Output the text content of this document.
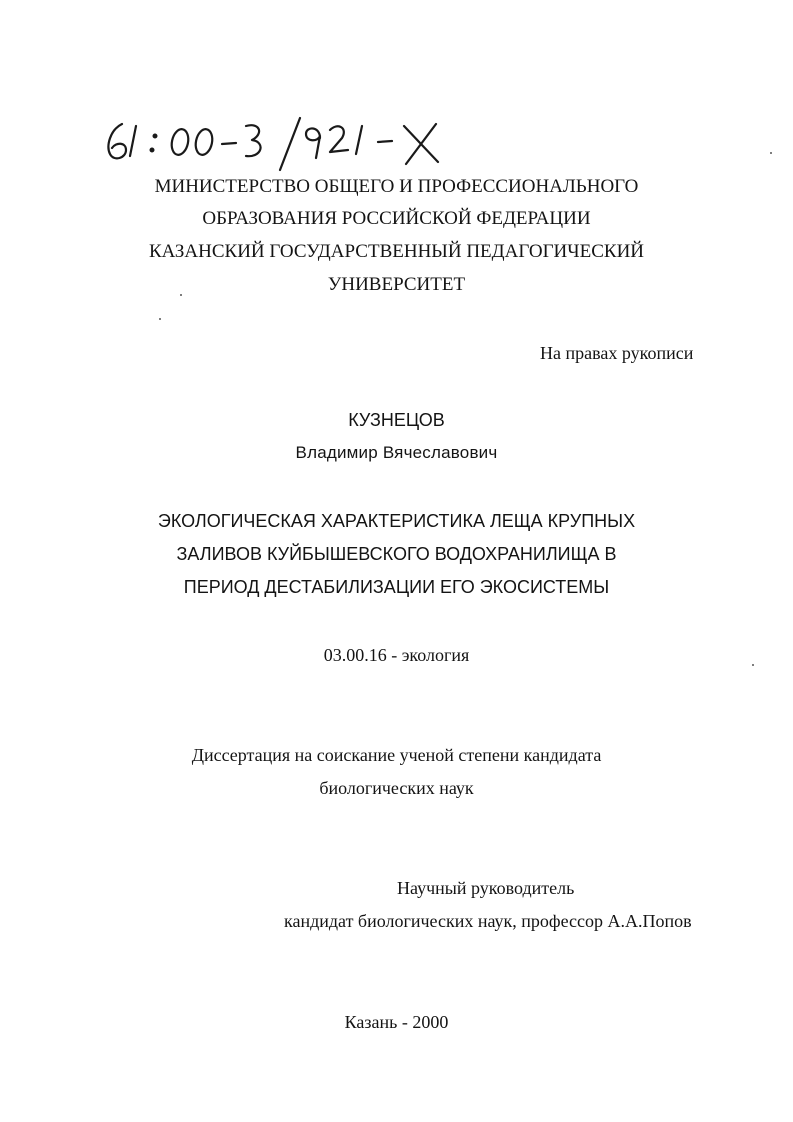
МИНИСТЕРСТВО ОБЩЕГО И ПРОФЕССИОНАЛЬНОГО
ОБРАЗОВАНИЯ РОССИЙСКОЙ ФЕДЕРАЦИИ
КАЗАНСКИЙ ГОСУДАРСТВЕННЫЙ ПЕДАГОГИЧЕСКИЙ
УНИВЕРСИТЕТ
На правах рукописи
КУЗНЕЦОВ
Владимир Вячеславович
ЭКОЛОГИЧЕСКАЯ ХАРАКТЕРИСТИКА ЛЕЩА КРУПНЫХ
ЗАЛИВОВ КУЙБЫШЕВСКОГО ВОДОХРАНИЛИЩА В
ПЕРИОД ДЕСТАБИЛИЗАЦИИ ЕГО ЭКОСИСТЕМЫ
03.00.16 - экология
Диссертация на соискание ученой степени кандидата
биологических наук
Научный руководитель
кандидат биологических наук, профессор А.А.Попов
Казань - 2000
